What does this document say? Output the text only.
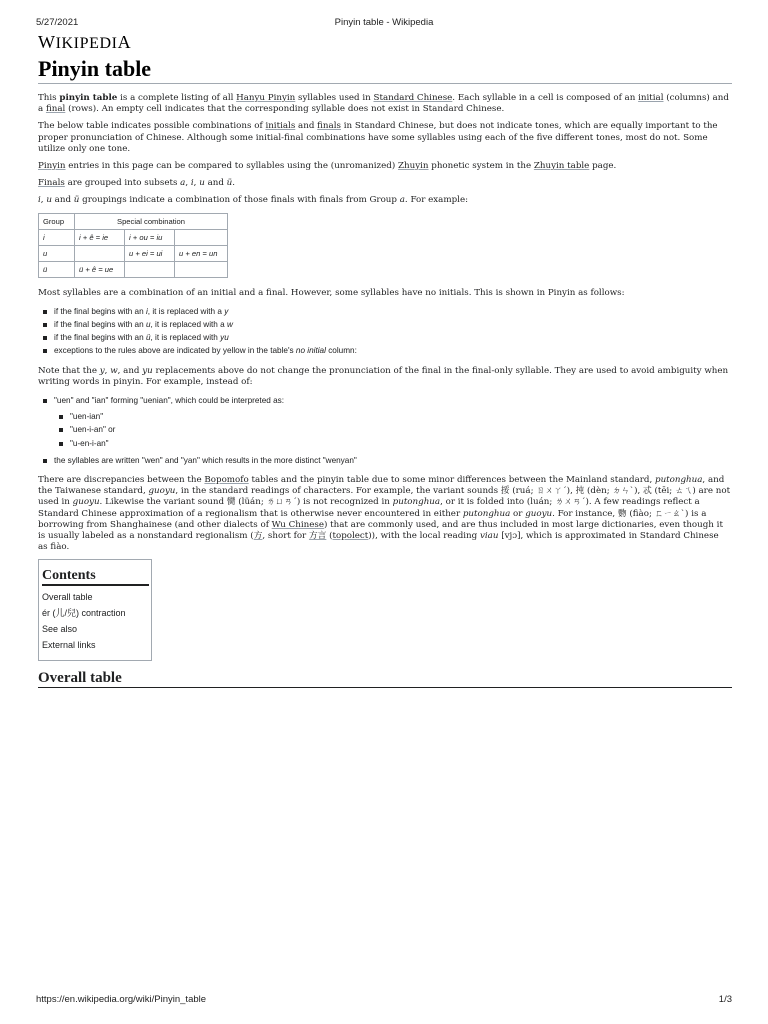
5/27/2021	Pinyin table - Wikipedia
WIKIPEDIA
Pinyin table

This pinyin table is a complete listing of all Hanyu Pinyin syllables used in Standard Chinese. Each syllable in a cell is composed of an initial (columns) and a final (rows). An empty cell indicates that the corresponding syllable does not exist in Standard Chinese.

The below table indicates possible combinations of initials and finals in Standard Chinese, but does not indicate tones, which are equally important to the proper pronunciation of Chinese. Although some initial-final combinations have some syllables using each of the five different tones, most do not. Some utilize only one tone.

Pinyin entries in this page can be compared to syllables using the (unromanized) Zhuyin phonetic system in the Zhuyin table page.

Finals are grouped into subsets a, i, u and ü.

i, u and ü groupings indicate a combination of those finals with finals from Group a. For example:

Group	Special combination		
i	i + ê = ie	i + ou = iu	
u		u + ei = ui	u + en = un
ü	ü + ê = ue		

Most syllables are a combination of an initial and a final. However, some syllables have no initials. This is shown in Pinyin as follows:

if the final begins with an i, it is replaced with a y
if the final begins with an u, it is replaced with a w
if the final begins with an ü, it is replaced with yu
exceptions to the rules above are indicated by yellow in the table's no initial column:

Note that the y, w, and yu replacements above do not change the pronunciation of the final in the final-only syllable. They are used to avoid ambiguity when writing words in pinyin. For example, instead of:

"uen" and "ian" forming "uenian", which could be interpreted as:
"uen-ian"
"uen-i-an" or
"u-en-i-an"
the syllables are written "wen" and "yan" which results in the more distinct "wenyan"

There are discrepancies between the Bopomofo tables and the pinyin table due to some minor differences between the Mainland standard, putonghua, and the Taiwanese standard, guoyu, in the standard readings of characters. For example, the variant sounds 挼 (ruá; ㄖㄨㄚˊ), 扽 (dèn; ㄉㄣˋ), 忒 (tēi; ㄊㄟ) are not used in guoyu. Likewise the variant sound 臠 (lüán; ㄌㄩㄢˊ) is not recognized in putonghua, or it is folded into (luán; ㄌㄨㄢˊ). A few readings reflect a Standard Chinese approximation of a regionalism that is otherwise never encountered in either putonghua or guoyu. For instance, 覅 (fiào; ㄈㄧㄠˋ) is a borrowing from Shanghainese (and other dialects of Wu Chinese) that are commonly used, and are thus included in most large dictionaries, even though it is usually labeled as a nonstandard regionalism (方, short for 方言 (topolect)), with the local reading viau [vjɔ], which is approximated in Standard Chinese as fiào.

Contents
Overall table
ér (儿/兒) contraction
See also
External links
Overall table
https://en.wikipedia.org/wiki/Pinyin_table	1/3
